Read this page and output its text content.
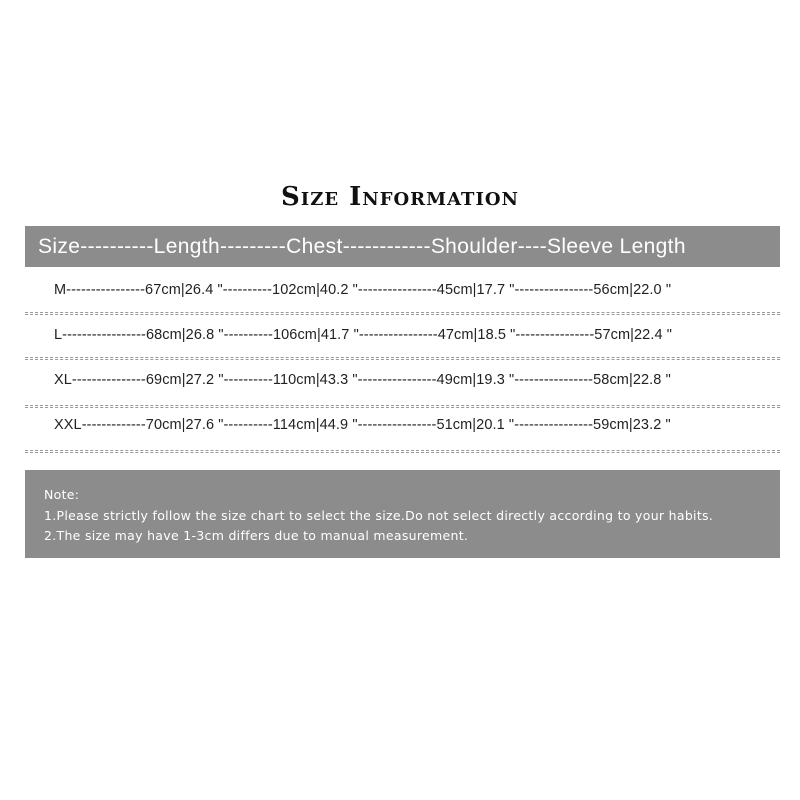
Size Information
Size----------Length---------Chest------------Shoulder----Sleeve Length
M----------------67cm|26.4 "----------102cm|40.2 "----------------45cm|17.7 "----------------56cm|22.0 "
L-----------------68cm|26.8 "----------106cm|41.7 "----------------47cm|18.5 "----------------57cm|22.4 "
XL---------------69cm|27.2 "----------110cm|43.3 "----------------49cm|19.3 "----------------58cm|22.8 "
XXL-------------70cm|27.6 "----------114cm|44.9 "----------------51cm|20.1 "----------------59cm|23.2 "
Note:
1.Please strictly follow the size chart to select the size.Do not select directly according to your habits.
2.The size may have 1-3cm differs due to manual measurement.
